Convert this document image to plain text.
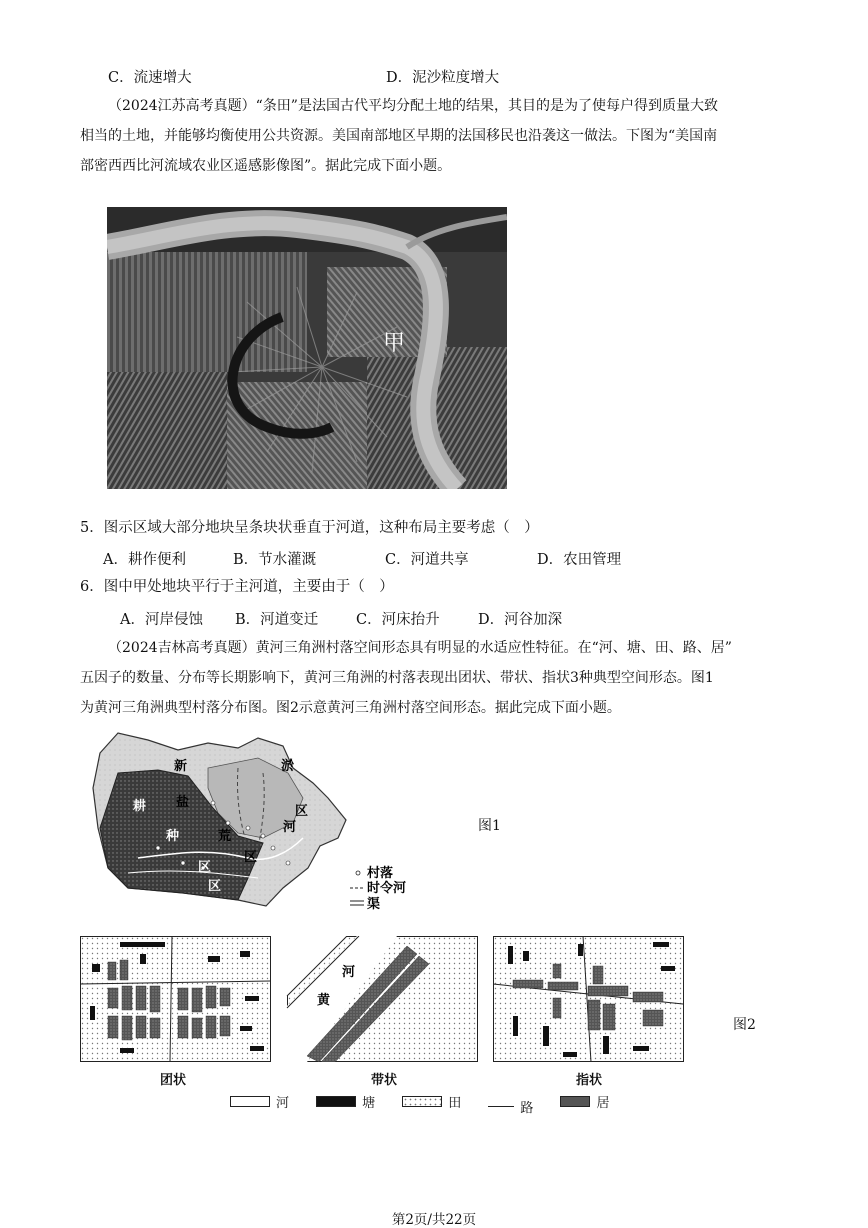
C．流速增大	D．泥沙粒度增大
（2024江苏高考真题）“条田”是法国古代平均分配土地的结果，其目的是为了使每户得到质量大致
相当的土地，并能够均衡使用公共资源。美国南部地区早期的法国移民也沿袭这一做法。下图为“美国南
部密西西比河流域农业区遥感影像图”。据此完成下面小题。
甲
5．图示区域大部分地块呈条块状垂直于河道，这种布局主要考虑（　）
A．耕作便利	B．节水灌溉	C．河道共享	D．农田管理
6．图中甲处地块平行于主河道，主要由于（　）
A．河岸侵蚀 B．河道变迁	C．河床抬升	D．河谷加深
（2024吉林高考真题）黄河三角洲村落空间形态具有明显的水适应性特征。在“河、塘、田、路、居”
五因子的数量、分布等长期影响下，黄河三角洲的村落表现出团状、带状、指状3种典型空间形态。图1
为黄河三角洲典型村落分布图。图2示意黄河三角洲村落空间形态。据此完成下面小题。
新
盐
荒
区
淤
河
区
耕
种
区
区
村落
时令河
渠
图1
河
黄
团状	带状	指状
图2
河
	塘
	田
	路
	居
第2页/共22页
